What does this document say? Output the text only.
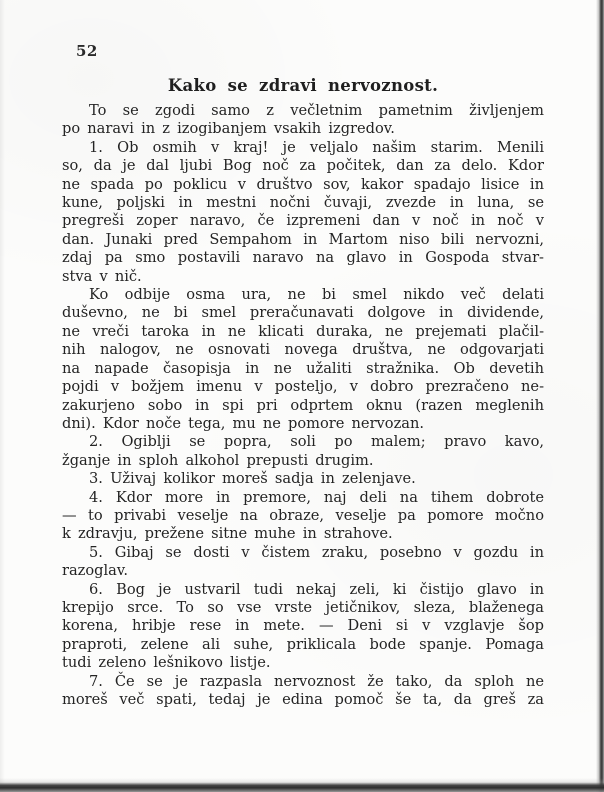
52
Kako se zdravi nervoznost.
To se zgodi samo z večletnim pametnim življenjem
po naravi in z izogibanjem vsakih izgredov.
1. Ob osmih v kraj! je veljalo našim starim. Menili
so, da je dal ljubi Bog noč za počitek, dan za delo. Kdor
ne spada po poklicu v društvo sov, kakor spadajo lisice in
kune, poljski in mestni nočni čuvaji, zvezde in luna, se
pregreši zoper naravo, če izpremeni dan v noč in noč v
dan. Junaki pred Sempahom in Martom niso bili nervozni,
zdaj pa smo postavili naravo na glavo in Gospoda stvar-
stva v nič.
Ko odbije osma ura, ne bi smel nikdo več delati
duševno, ne bi smel preračunavati dolgove in dividende,
ne vreči taroka in ne klicati duraka, ne prejemati plačil-
nih nalogov, ne osnovati novega društva, ne odgovarjati
na napade časopisja in ne užaliti stražnika. Ob devetih
pojdi v božjem imenu v posteljo, v dobro prezračeno ne-
zakurjeno sobo in spi pri odprtem oknu (razen meglenih
dni). Kdor noče tega, mu ne pomore nervozan.
2. Ogiblji se popra, soli po malem; pravo kavo,
žganje in sploh alkohol prepusti drugim.
3. Uživaj kolikor moreš sadja in zelenjave.
4. Kdor more in premore, naj deli na tihem dobrote
— to privabi veselje na obraze, veselje pa pomore močno
k zdravju, prežene sitne muhe in strahove.
5. Gibaj se dosti v čistem zraku, posebno v gozdu in
razoglav.
6. Bog je ustvaril tudi nekaj zeli, ki čistijo glavo in
krepijo srce. To so vse vrste jetičnikov, sleza, blaženega
korena, hribje rese in mete. — Deni si v vzglavje šop
praproti, zelene ali suhe, priklicala bode spanje. Pomaga
tudi zeleno lešnikovo listje.
7. Če se je razpasla nervoznost že tako, da sploh ne
moreš več spati, tedaj je edina pomoč še ta, da greš za
